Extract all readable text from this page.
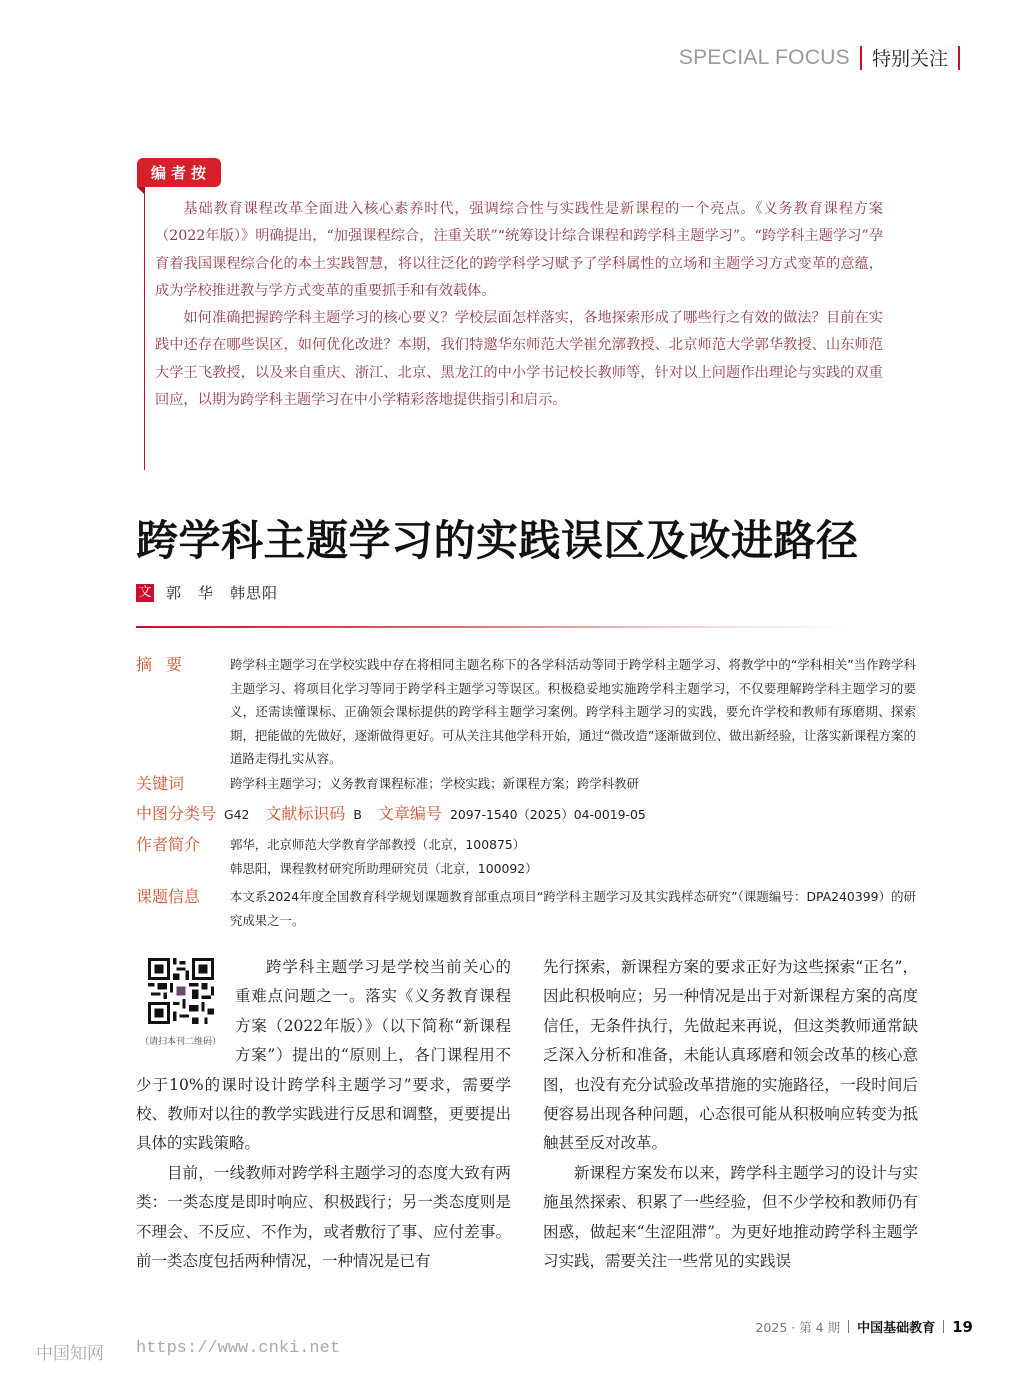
SPECIAL FOCUS 特别关注
编者按

基础教育课程改革全面进入核心素养时代，强调综合性与实践性是新课程的一个亮点。《义务教育课程方案（2022年版）》明确提出，“加强课程综合，注重关联”“统筹设计综合课程和跨学科主题学习”。“跨学科主题学习”孕育着我国课程综合化的本土实践智慧，将以往泛化的跨学科学习赋予了学科属性的立场和主题学习方式变革的意蕴，成为学校推进教与学方式变革的重要抓手和有效载体。

如何准确把握跨学科主题学习的核心要义？学校层面怎样落实，各地探索形成了哪些行之有效的做法？目前在实践中还存在哪些误区，如何优化改进？本期，我们特邀华东师范大学崔允漷教授、北京师范大学郭华教授、山东师范大学王飞教授，以及来自重庆、浙江、北京、黑龙江的中小学书记校长教师等，针对以上问题作出理论与实践的双重回应，以期为跨学科主题学习在中小学精彩落地提供指引和启示。

跨学科主题学习的实践误区及改进路径
文 郭　华 韩思阳
摘要	跨学科主题学习在学校实践中存在将相同主题名称下的各学科活动等同于跨学科主题学习、将教学中的“学科相关”当作跨学科主题学习、将项目化学习等同于跨学科主题学习等误区。积极稳妥地实施跨学科主题学习，不仅要理解跨学科主题学习的要义，还需读懂课标、正确领会课标提供的跨学科主题学习案例。跨学科主题学习的实践，要允许学校和教师有琢磨期、探索期，把能做的先做好，逐渐做得更好。可从关注其他学科开始，通过“微改造”逐渐做到位、做出新经验，让落实新课程方案的道路走得扎实从容。
关键词	跨学科主题学习；义务教育课程标准；学校实践；新课程方案；跨学科教研
中图分类号 G42 文献标识码 B 文章编号 2097-1540（2025）04-0019-05
作者简介 郭华，北京师范大学教育学部教授（北京，100875）
韩思阳，课程教材研究所助理研究员（北京，100092）
课题信息 本文系2024年度全国教育科学规划课题教育部重点项目“跨学科主题学习及其实践样态研究”（课题编号：DPA240399）的研究成果之一。
（请扫本刊二维码）

跨学科主题学习是学校当前关心的重难点问题之一。落实《义务教育课程方案（2022年版）》（以下简称“新课程方案”）提出的“原则上，各门课程用不少于10%的课时设计跨学科主题学习”要求，需要学校、教师对以往的教学实践进行反思和调整，更要提出具体的实践策略。

目前，一线教师对跨学科主题学习的态度大致有两类：一类态度是即时响应、积极践行；另一类态度则是不理会、不反应、不作为，或者敷衍了事、应付差事。前一类态度包括两种情况，一种情况是已有

先行探索，新课程方案的要求正好为这些探索“正名”，因此积极响应；另一种情况是出于对新课程方案的高度信任，无条件执行，先做起来再说，但这类教师通常缺乏深入分析和准备，未能认真琢磨和领会改革的核心意图，也没有充分试验改革措施的实施路径，一段时间后便容易出现各种问题，心态很可能从积极响应转变为抵触甚至反对改革。

新课程方案发布以来，跨学科主题学习的设计与实施虽然探索、积累了一些经验，但不少学校和教师仍有困惑，做起来“生涩阻滞”。为更好地推动跨学科主题学习实践，需要关注一些常见的实践误

2025 · 第 4 期 中国基础教育 19
中国知网 https://www.cnki.net
